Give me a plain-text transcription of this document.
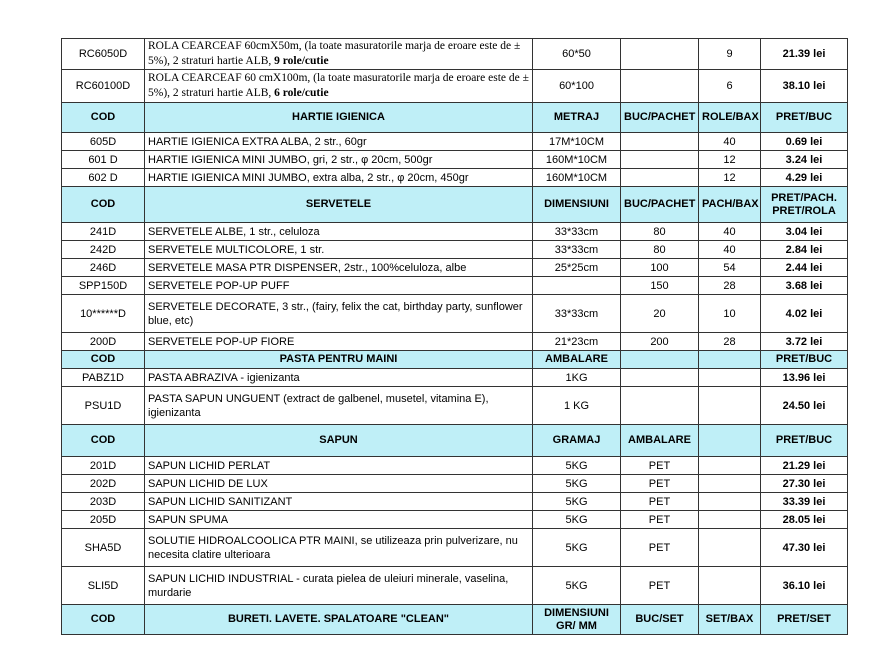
RC6050D	ROLA CEARCEAF 60cmX50m, (la toate masuratorile marja de eroare este de ± 5%), 2 straturi hartie ALB, 9 role/cutie	60*50		9	21.39 lei
RC60100D	ROLA CEARCEAF 60 cmX100m, (la toate masuratorile marja de eroare este de ± 5%), 2 straturi hartie ALB, 6 role/cutie	60*100		6	38.10 lei
COD	HARTIE IGIENICA	METRAJ	BUC/PACHET	ROLE/BAX	PRET/BUC
605D	HARTIE IGIENICA EXTRA ALBA, 2 str., 60gr	17M*10CM		40	0.69 lei
601 D	HARTIE IGIENICA MINI JUMBO, gri, 2 str., φ 20cm, 500gr	160M*10CM		12	3.24 lei
602 D	HARTIE IGIENICA MINI JUMBO, extra alba, 2 str., φ 20cm, 450gr	160M*10CM		12	4.29 lei
COD	SERVETELE	DIMENSIUNI	BUC/PACHET	PACH/BAX	PRET/PACH. PRET/ROLA
241D	SERVETELE ALBE, 1 str., celuloza	33*33cm	80	40	3.04 lei
242D	SERVETELE MULTICOLORE, 1 str.	33*33cm	80	40	2.84 lei
246D	SERVETELE MASA PTR DISPENSER, 2str., 100%celuloza, albe	25*25cm	100	54	2.44 lei
SPP150D	SERVETELE POP-UP PUFF		150	28	3.68 lei
10******D	SERVETELE DECORATE, 3 str., (fairy, felix the cat, birthday party, sunflower blue, etc)	33*33cm	20	10	4.02 lei
200D	SERVETELE POP-UP FIORE	21*23cm	200	28	3.72 lei
COD	PASTA PENTRU MAINI	AMBALARE			PRET/BUC
PABZ1D	PASTA ABRAZIVA - igienizanta	1KG			13.96 lei
PSU1D	PASTA SAPUN UNGUENT (extract de galbenel, musetel, vitamina E), igienizanta	1 KG			24.50 lei
COD	SAPUN	GRAMAJ	AMBALARE		PRET/BUC
201D	SAPUN LICHID PERLAT	5KG	PET		21.29 lei
202D	SAPUN LICHID DE LUX	5KG	PET		27.30 lei
203D	SAPUN LICHID SANITIZANT	5KG	PET		33.39 lei
205D	SAPUN SPUMA	5KG	PET		28.05 lei
SHA5D	SOLUTIE HIDROALCOOLICA PTR MAINI, se utilizeaza prin pulverizare, nu necesita clatire ulterioara	5KG	PET		47.30 lei
SLI5D	SAPUN LICHID INDUSTRIAL - curata pielea de uleiuri minerale, vaselina, murdarie	5KG	PET		36.10 lei
COD	BURETI. LAVETE. SPALATOARE "CLEAN"	DIMENSIUNI GR/ MM	BUC/SET	SET/BAX	PRET/SET
